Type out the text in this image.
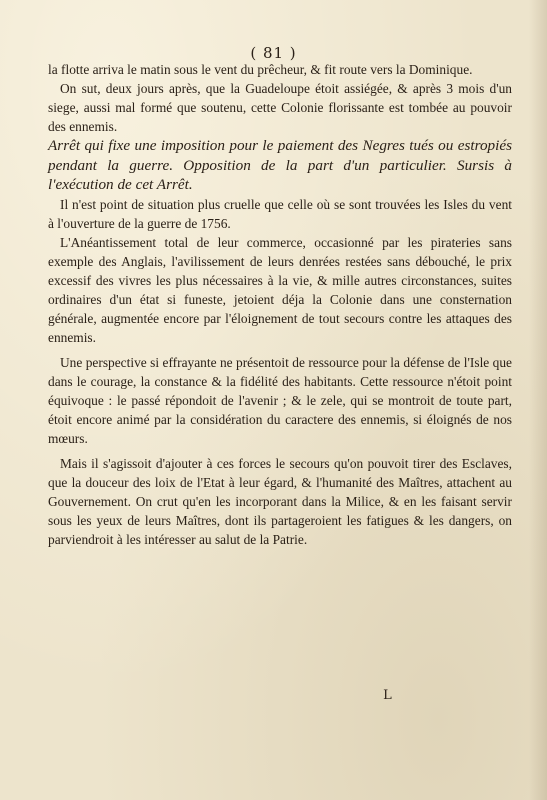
( 81 )

la flotte arriva le matin sous le vent du prêcheur, & fit route vers la Dominique.

On sut, deux jours après, que la Guadeloupe étoit assiégée, & après 3 mois d'un siege, aussi mal formé que soutenu, cette Colonie florissante est tombée au pouvoir des ennemis.

Arrêt qui fixe une imposition pour le paiement des Negres tués ou estropiés pendant la guerre. Opposition de la part d'un particulier. Sursis à l'exécution de cet Arrêt.

Il n'est point de situation plus cruelle que celle où se sont trouvées les Isles du vent à l'ouverture de la guerre de 1756.

L'Anéantissement total de leur commerce, occasionné par les pirateries sans exemple des Anglais, l'avilissement de leurs denrées restées sans débouché, le prix excessif des vivres les plus nécessaires à la vie, & mille autres circonstances, suites ordinaires d'un état si funeste, jetoient déja la Colonie dans une consternation générale, augmentée encore par l'éloignement de tout secours contre les attaques des ennemis.

Une perspective si effrayante ne présentoit de ressource pour la défense de l'Isle que dans le courage, la constance & la fidélité des habitants. Cette ressource n'étoit point équivoque : le passé répondoit de l'avenir ; & le zele, qui se montroit de toute part, étoit encore animé par la considération du caractere des ennemis, si éloignés de nos mœurs.

Mais il s'agissoit d'ajouter à ces forces le secours qu'on pouvoit tirer des Esclaves, que la douceur des loix de l'Etat à leur égard, & l'humanité des Maîtres, attachent au Gouvernement. On crut qu'en les incorporant dans la Milice, & en les faisant servir sous les yeux de leurs Maîtres, dont ils partageroient les fatigues & les dangers, on parviendroit à les intéresser au salut de la Patrie.

L
